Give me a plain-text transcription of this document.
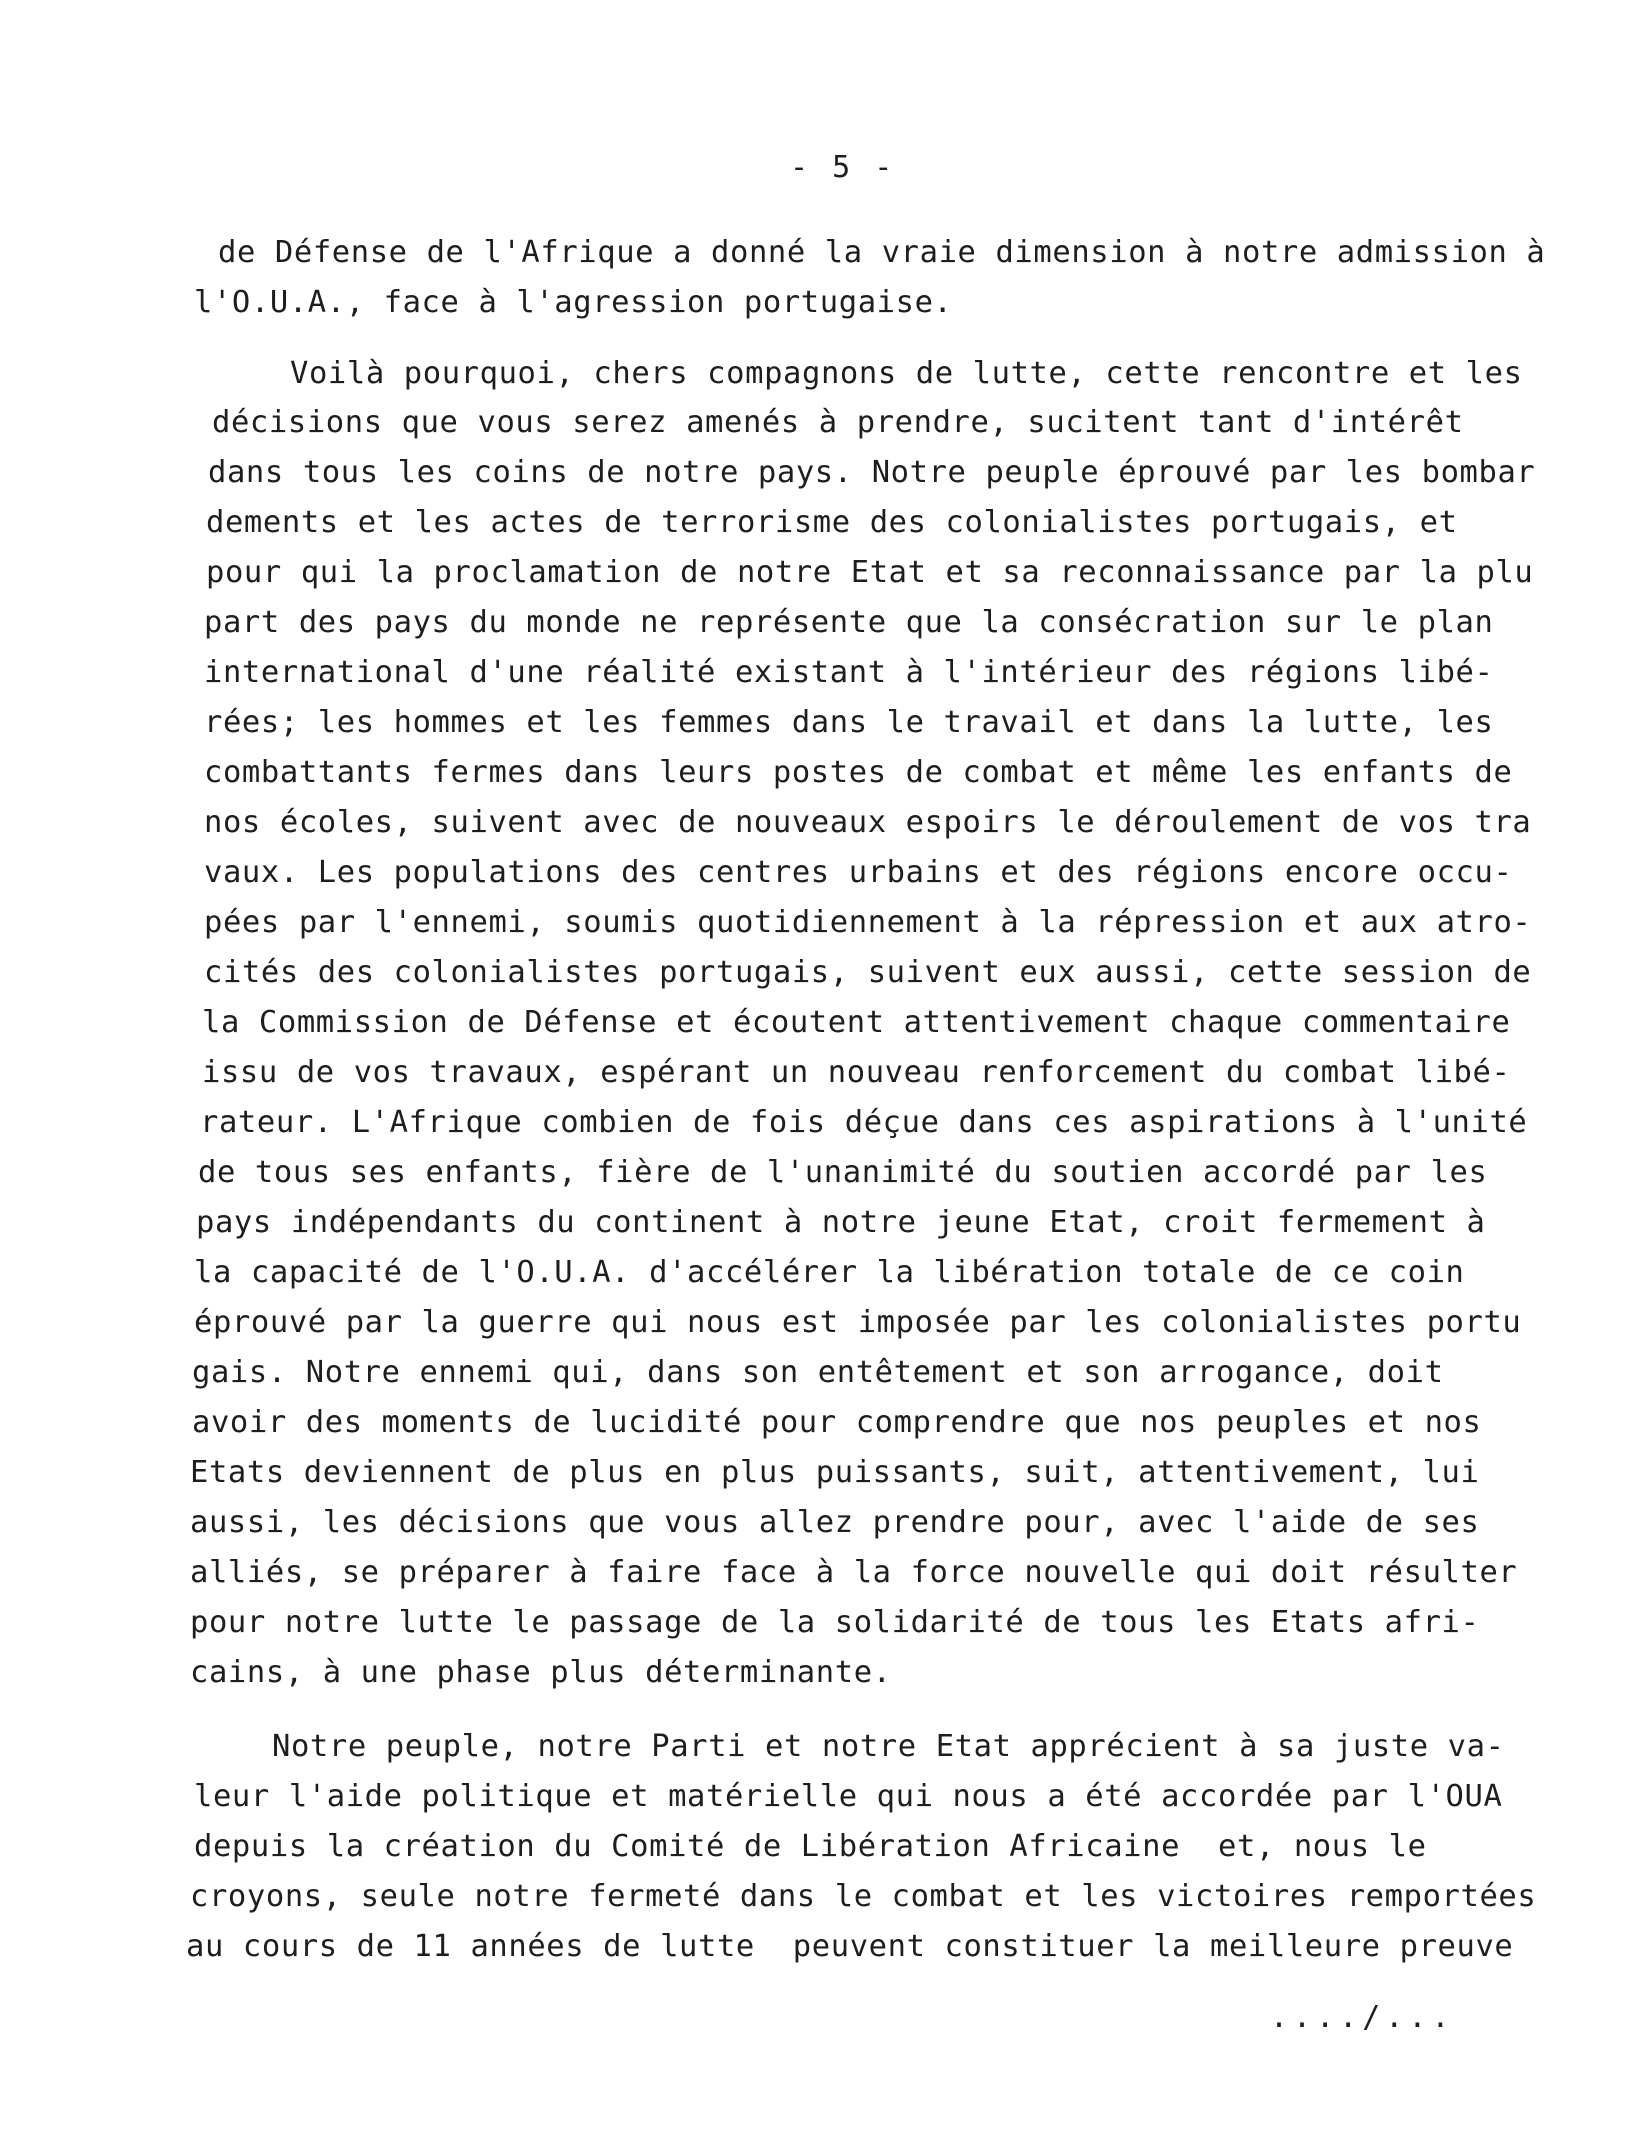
- 5 -
de Défense de l'Afrique a donné la vraie dimension à notre admission à
l'O.U.A., face à l'agression portugaise.
Voilà pourquoi, chers compagnons de lutte, cette rencontre et les
décisions que vous serez amenés à prendre, sucitent tant d'intérêt
dans tous les coins de notre pays. Notre peuple éprouvé par les bombar
dements et les actes de terrorisme des colonialistes portugais, et
pour qui la proclamation de notre Etat et sa reconnaissance par la plu
part des pays du monde ne représente que la consécration sur le plan
international d'une réalité existant à l'intérieur des régions libé-
rées; les hommes et les femmes dans le travail et dans la lutte, les
combattants fermes dans leurs postes de combat et même les enfants de
nos écoles, suivent avec de nouveaux espoirs le déroulement de vos tra
vaux. Les populations des centres urbains et des régions encore occu-
pées par l'ennemi, soumis quotidiennement à la répression et aux atro-
cités des colonialistes portugais, suivent eux aussi, cette session de
la Commission de Défense et écoutent attentivement chaque commentaire
issu de vos travaux, espérant un nouveau renforcement du combat libé-
rateur. L'Afrique combien de fois déçue dans ces aspirations à l'unité
de tous ses enfants, fière de l'unanimité du soutien accordé par les
pays indépendants du continent à notre jeune Etat, croit fermement à
la capacité de l'O.U.A. d'accélérer la libération totale de ce coin
éprouvé par la guerre qui nous est imposée par les colonialistes portu
gais. Notre ennemi qui, dans son entêtement et son arrogance, doit
avoir des moments de lucidité pour comprendre que nos peuples et nos
Etats deviennent de plus en plus puissants, suit, attentivement, lui
aussi, les décisions que vous allez prendre pour, avec l'aide de ses
alliés, se préparer à faire face à la force nouvelle qui doit résulter
pour notre lutte le passage de la solidarité de tous les Etats afri-
cains, à une phase plus déterminante.
Notre peuple, notre Parti et notre Etat apprécient à sa juste va-
leur l'aide politique et matérielle qui nous a été accordée par l'OUA
depuis la création du Comité de Libération Africaine  et, nous le
croyons, seule notre fermeté dans le combat et les victoires remportées
au cours de 11 années de lutte  peuvent constituer la meilleure preuve
..../...
